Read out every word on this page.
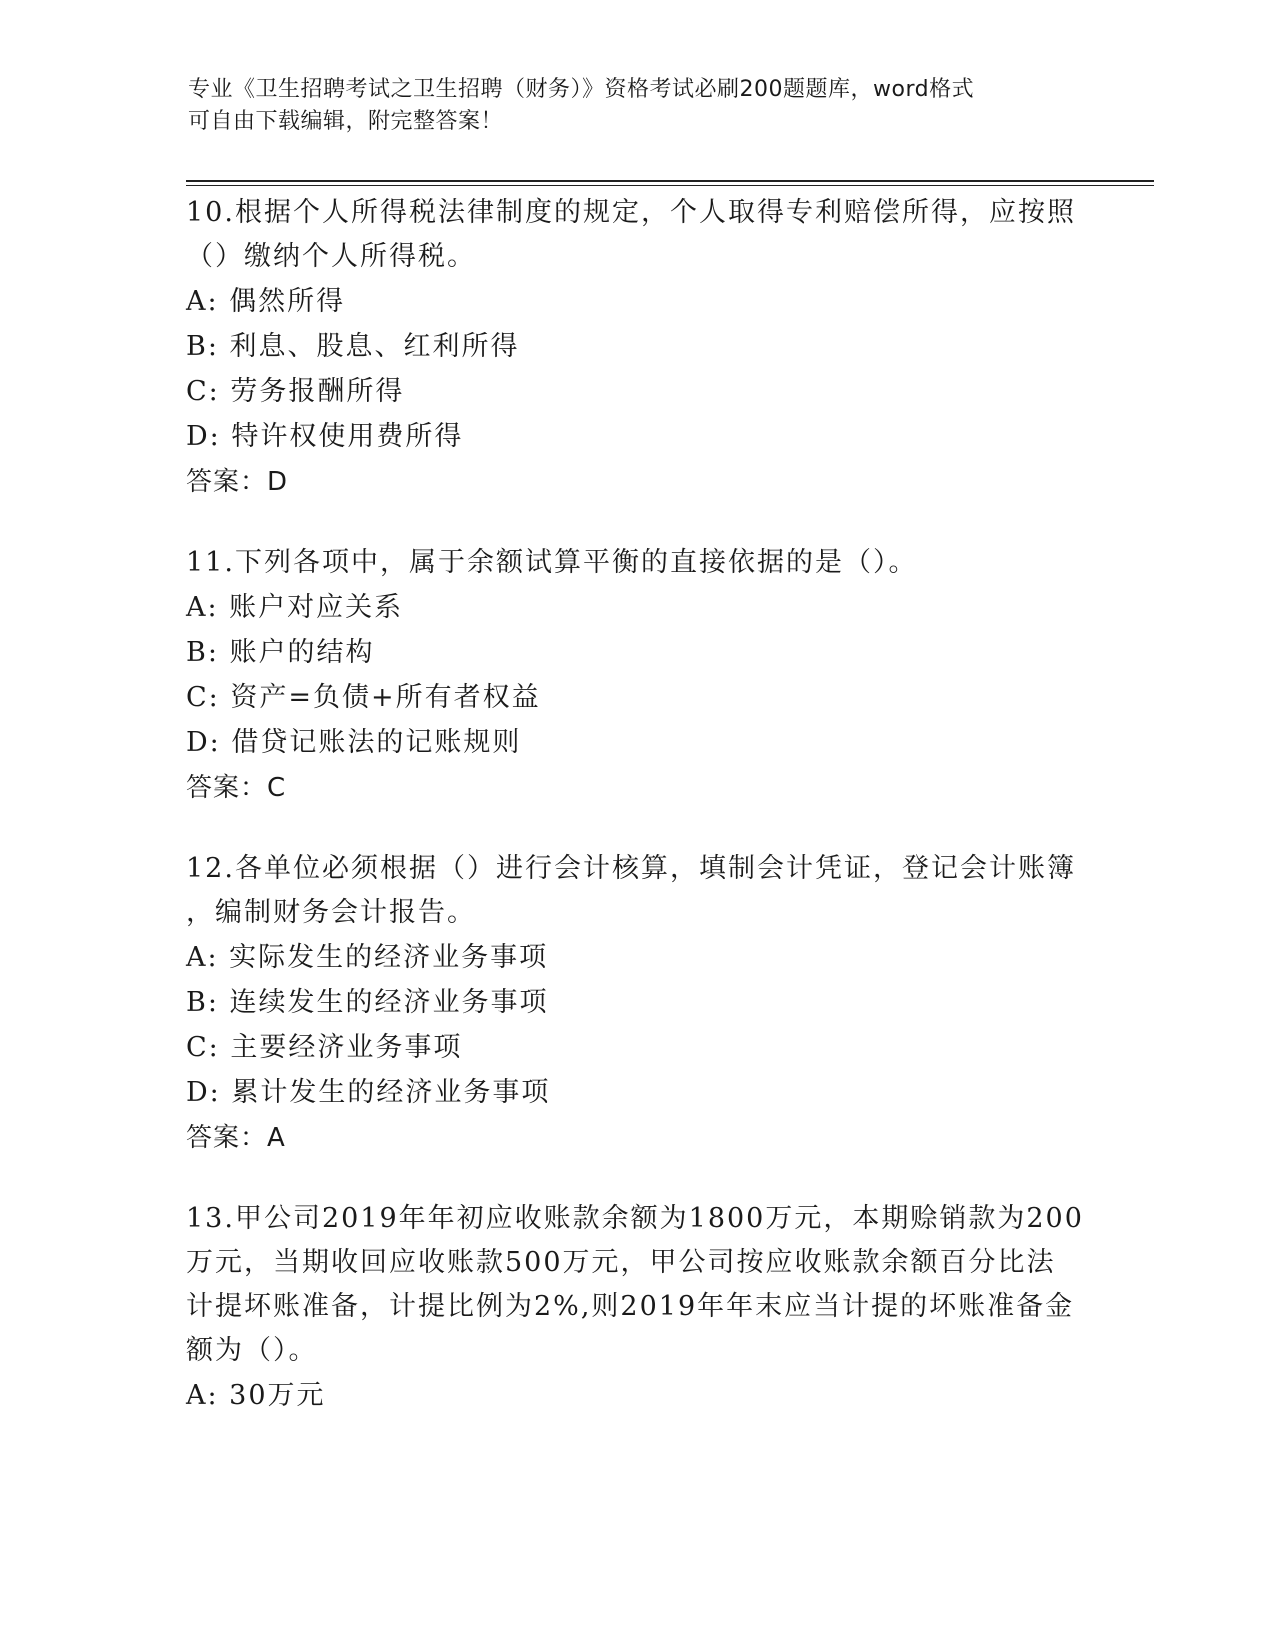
专业《卫生招聘考试之卫生招聘（财务）》资格考试必刷200题题库，word格式
可自由下载编辑，附完整答案！

10.根据个人所得税法律制度的规定，个人取得专利赔偿所得，应按照

（）缴纳个人所得税。

A: 偶然所得

B: 利息、股息、红利所得

C: 劳务报酬所得

D: 特许权使用费所得

答案：D

11.下列各项中，属于余额试算平衡的直接依据的是（）。

A: 账户对应关系

B: 账户的结构

C: 资产=负债+所有者权益

D: 借贷记账法的记账规则

答案：C

12.各单位必须根据（）进行会计核算，填制会计凭证，登记会计账簿

，编制财务会计报告。

A: 实际发生的经济业务事项

B: 连续发生的经济业务事项

C: 主要经济业务事项

D: 累计发生的经济业务事项

答案：A

13.甲公司2019年年初应收账款余额为1800万元，本期赊销款为200

万元，当期收回应收账款500万元，甲公司按应收账款余额百分比法

计提坏账准备，计提比例为2%,则2019年年末应当计提的坏账准备金

额为（）。

A: 30万元
